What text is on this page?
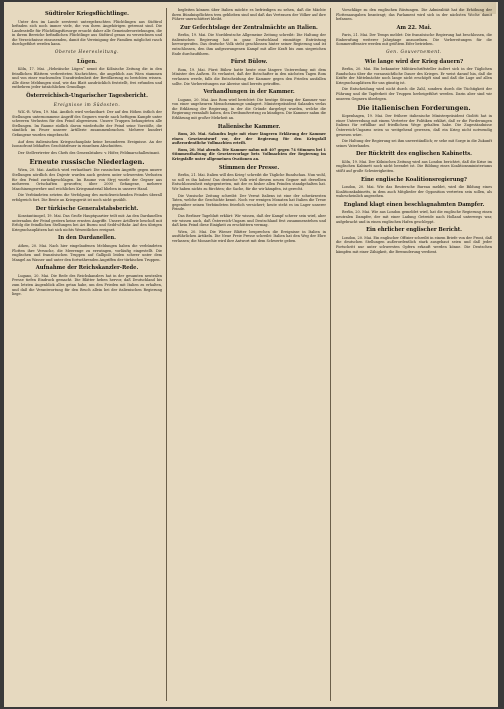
Südtiroler Kriegsflüchtlinge.

Unter den im Lande zerstreut untergebrachten Flüchtlingen aus Südtirol befinden sich noch immer viele, die von ihren Angehörigen getrennt sind. Die Landesstelle für Flüchtlingsfürsorge ersucht daher alle Gemeindevorstehungen, die in ihrem Bereiche befindlichen Flüchtlinge aus Südtirol genau zu verzeichnen und die Verzeichnisse einzusenden, damit die Vereinigung der Familien möglichst rasch durchgeführt werden kann.

Oberste Heeresleitung.
Lügen.

Köln, 17. Mai. „Hebräische Lügen“ nennt die Kölnische Zeitung die in den feindlichen Blättern verbreiteten Nachrichten, die angeblich aus Wien stammen und von einer wachsenden Unzufriedenheit der Bevölkerung zu berichten wissen. Alle diese Meldungen sind, wie das Blatt ausdrücklich feststellt, frei erfunden und entbehren jeder tatsächlichen Grundlage.

Österreichisch-Ungarischer Tagesbericht.
Ereignisse im Südosten.

W.K.-B. Wien, 19. Mai. Amtlich wird verlautbart: Der auf den Höhen östlich der Stellungen unternommene Angriff des Gegners wurde nach heftigem Kampfe unter schweren Verlusten für den Feind abgewiesen. Unsere Truppen behaupteten alle Stellungen. Im Raume südlich davon wiederholte der Feind seine Vorstöße, die sämtlich im Feuer unserer Artillerie zusammenbrachen. Mehrere hundert Gefangene wurden eingebracht.

Auf dem italienischen Kriegsschauplatz keine besonderen Ereignisse. An der Isonzofront lebhaftes Geschützfeuer in einzelnen Abschnitten.

Der Stellvertreter des Chefs des Generalstabes: v. Höfer, Feldmarschalleutnant.

Erneute russische Niederlagen.

Wien, 20. Mai. Amtlich wird verlautbart: Die russischen Angriffe gegen unsere Stellungen nördlich des Dnjestr wurden auch gestern unter schwersten Verlusten für den Feind zurückgeschlagen. Im Raume von Stryj wurde der Gegner aus mehreren Ortschaften geworfen; über 2000 Gefangene, mehrere Maschinengewehre und reichliches Kriegsmaterial blieben in unserer Hand.

Die Verbündeten setzten die Verfolgung des zurückweichenden Feindes überall erfolgreich fort. Die Beute an Kriegsgerät ist noch nicht gezählt.

Der türkische Generalstabsbericht.

Konstantinopel, 19. Mai. Das Große Hauptquartier teilt mit: An den Dardanellen unternahm der Feind gestern keine ernsten Angriffe. Unsere Artillerie beschoß mit Erfolg die feindlichen Stellungen bei Ari Burnu und Sedd-ul-Bahr. Auf den übrigen Kriegsschauplätzen hat sich nichts Wesentliches ereignet.

In den Dardanellen.

Athen, 20. Mai. Nach hier eingelaufenen Meldungen haben die verbündeten Flotten ihre Versuche, die Meerenge zu erzwingen, vorläufig eingestellt. Die englischen und französischen Truppen auf Gallipoli leiden schwer unter dem Mangel an Wasser und unter den fortwährenden Angriffen der türkischen Truppen.

Aufnahme der Reichskanzler-Rede.

Lugano, 20. Mai. Die Rede des Reichskanzlers hat in der gesamten neutralen Presse tiefen Eindruck gemacht. Die Blätter heben hervor, daß Deutschland bis zum letzten Augenblick alles getan habe, um den Frieden mit Italien zu erhalten, und daß die Verantwortung für den Bruch allein bei der italienischen Regierung liege.

begleiten können über Italien möchte es befriedigen zu sehen, daß die Mächte ihren Bündnispflichten treu geblieben sind und daß das Vertrauen der Völker auf ihre Führer unerschüttert bleibt.

Zur Gefechtslage der Zentralmächte an Italien.

Berlin, 19. Mai. Die Norddeutsche Allgemeine Zeitung schreibt: Die Haltung der italienischen Regierung hat in ganz Deutschland einmütige Entrüstung hervorgerufen. Das deutsche Volk steht geschlossen hinter seiner Regierung und ist entschlossen, den ihm aufgezwungenen Kampf mit aller Kraft bis zum siegreichen Ende durchzuführen.

Fürst Bülow.

Rom, 19. Mai. Fürst Bülow hatte heute eine längere Unterredung mit dem Minister des Äußern. Es verlautet, daß der Botschafter in den nächsten Tagen Rom verlassen werde, falls die Entscheidung der Kammer gegen den Frieden ausfallen sollte. Die Vorbereitungen zur Abreise sind bereits getroffen.

Verhandlungen in der Kammer.

Lugano, 20. Mai. Aus Rom wird berichtet: Die heutige Sitzung der Kammer war von einer ungeheuren Menschenmenge umlagert. Ministerpräsident Salandra verlas die Erklärung der Regierung, in der die Gründe dargelegt wurden, welche die Regierung veranlaßt haben, den Dreibundvertrag zu kündigen. Die Kammer nahm die Erklärung mit großer Mehrheit an.

Italienische Kammer.

Rom, 20. Mai. Salandra legte mit einer längeren Erklärung der Kammer einen Gesetzentwurf vor, der der Regierung für den Kriegsfall außerordentliche Vollmachten erteilt.

Rom, 20. Mai abends. Die Kammer nahm mit 407 gegen 74 Stimmen bei 1 Stimmenthaltung die Gesetzesvorlage betr. Vollmachten der Regierung im Kriegsfalle unter allgemeinen Ovationen an.

Stimmen der Presse.

Berlin, 21. Mai. Italien will den Krieg! schreibt die Tägliche Rundschau. Nun wohl, so soll es ihn haben! Das deutsche Volk wird diesem neuen Gegner mit derselben Entschlossenheit entgegentreten, mit der es bisher allen Feinden standgehalten hat. Wir haben nichts zu fürchten; die Sache, für die wir kämpfen, ist gerecht.

Die Vossische Zeitung schreibt: Der Verrat Italiens ist eine der schwärzesten Taten, welche die Geschichte kennt. Noch vor wenigen Monaten hat Italien die Treue gegenüber seinen Verbündeten feierlich versichert; heute steht es im Lager unserer Feinde.

Das Berliner Tageblatt erklärt: Wir wissen, daß der Kampf schwer sein wird, aber wir wissen auch, daß Österreich-Ungarn und Deutschland fest zusammenstehen und daß kein Feind diese Einigkeit zu erschüttern vermag.

Wien, 20. Mai. Die Wiener Blätter besprechen die Ereignisse in Italien in ausführlichen Artikeln. Die Neue Freie Presse schreibt: Italien hat den Weg der Ehre verlassen; die Monarchie wird ihre Antwort mit dem Schwerte geben.

Vorschläge zu den englischen Rüstungen. Die Admiralität hat die Erhöhung der Flottenausgaben beantragt; das Parlament wird sich in der nächsten Woche damit befassen.

Am 22. Mai.

Paris, 21. Mai. Der Temps meldet: Die französische Regierung hat beschlossen, die Einberufung weiterer Jahrgänge anzuordnen. Die Vorbereitungen für die Sommeroffensive werden mit größtem Eifer betrieben.

Gen. Gouvernement.
Wie lange wird der Krieg dauern?

Berlin, 20. Mai. Ein bekannter Militärschriftsteller äußert sich in der Täglichen Rundschau über die voraussichtliche Dauer des Krieges. Er weist darauf hin, daß die Kräfte der Mittelmächte noch lange nicht erschöpft sind und daß die Lage auf allen Kriegsschauplätzen für uns günstig ist.

Die Entscheidung wird nicht durch die Zahl, sondern durch die Tüchtigkeit der Führung und die Tapferkeit der Truppen herbeigeführt werden. Darin aber sind wir unseren Gegnern überlegen.

Die italienischen Forderungen.

Kopenhagen, 19. Mai. Der frühere italienische Ministerpräsident Giolitti hat in einer Unterredung mit einem Vertreter der Politiken erklärt, daß er die Forderungen Italiens für erfüllbar auf friedlichem Wege gehalten habe. Die Zugeständnisse Österreich-Ungarns seien so weitgehend gewesen, daß ein Krieg nicht notwendig gewesen wäre.

Die Haltung der Regierung sei ihm unverständlich; er sehe mit Sorge in die Zukunft seines Vaterlandes.

Der Rücktritt des englischen Kabinetts.

Köln, 19. Mai. Der Kölnischen Zeitung wird aus London berichtet, daß die Krise im englischen Kabinett noch nicht beendet ist. Die Bildung eines Koalitionsministeriums stößt auf große Schwierigkeiten.

Eine englische Koalitionsregierung?

London, 20. Mai. Wie das Reutersche Bureau meldet, wird die Bildung eines Koalitionskabinetts, in dem auch Mitglieder der Opposition vertreten sein sollen, als wahrscheinlich angesehen.

England klagt einen beschlagnahmten Dampfer.

Berlin, 20. Mai. Wie aus London gemeldet wird, hat die englische Regierung einen neutralen Dampfer, der mit einer Ladung Getreide nach Holland unterwegs war, aufgebracht und in einen englischen Hafen geschleppt.

Ein ehrlicher englischer Bericht.

London, 20. Mai. Ein englischer Offizier schreibt in einem Briefe von der Front, daß die deutschen Stellungen außerordentlich stark ausgebaut seien und daß jeder Fortschritt nur unter schwersten Opfern erkauft werden könne. Die Deutschen kämpfen mit einer Zähigkeit, die Bewunderung verdient.
